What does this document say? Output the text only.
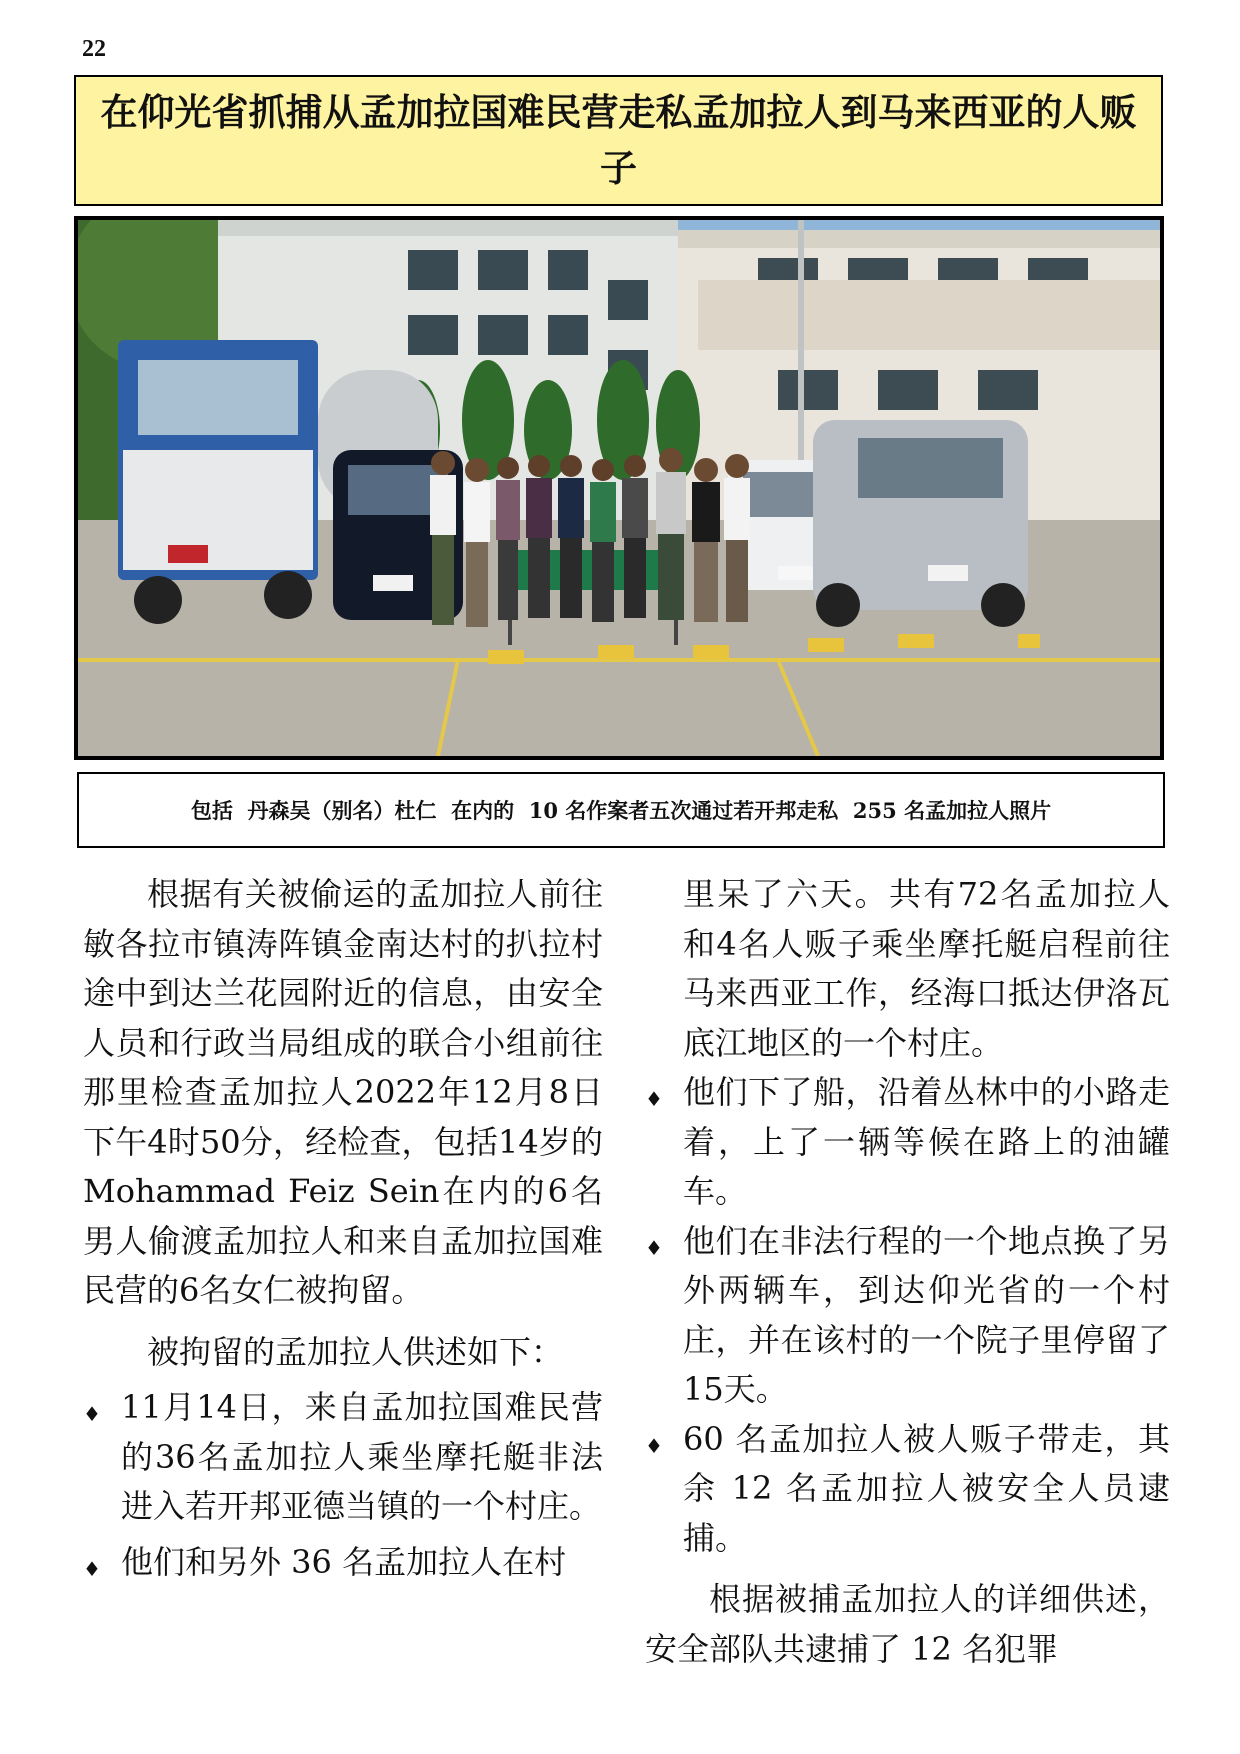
22
在仰光省抓捕从孟加拉国难民营走私孟加拉人到马来西亚的人贩子
包括  丹森吴（别名）杜仁  在内的  10 名作案者五次通过若开邦走私  255 名孟加拉人照片

根据有关被偷运的孟加拉人前往敏各拉市镇涛阵镇金南达村的扒拉村途中到达兰花园附近的信息，由安全人员和行政当局组成的联合小组前往那里检查孟加拉人2022年12月8日下午4时50分，经检查，包括14岁的Mohammad Feiz Sein在内的6名男人偷渡孟加拉人和来自孟加拉国难民营的6名女仁被拘留。

被拘留的孟加拉人供述如下：

♦ 11月14日，来自孟加拉国难民营的36名孟加拉人乘坐摩托艇非法进入若开邦亚德当镇的一个村庄。
♦ 他们和另外 36 名孟加拉人在村

里呆了六天。共有72名孟加拉人和4名人贩子乘坐摩托艇启程前往马来西亚工作，经海口抵达伊洛瓦底江地区的一个村庄。

♦ 他们下了船，沿着丛林中的小路走着，上了一辆等候在路上的油罐车。
♦ 他们在非法行程的一个地点换了另外两辆车，到达仰光省的一个村庄，并在该村的一个院子里停留了15天。
♦ 60 名孟加拉人被人贩子带走，其余 12 名孟加拉人被安全人员逮捕。

根据被捕孟加拉人的详细供述，安全部队共逮捕了 12 名犯罪
